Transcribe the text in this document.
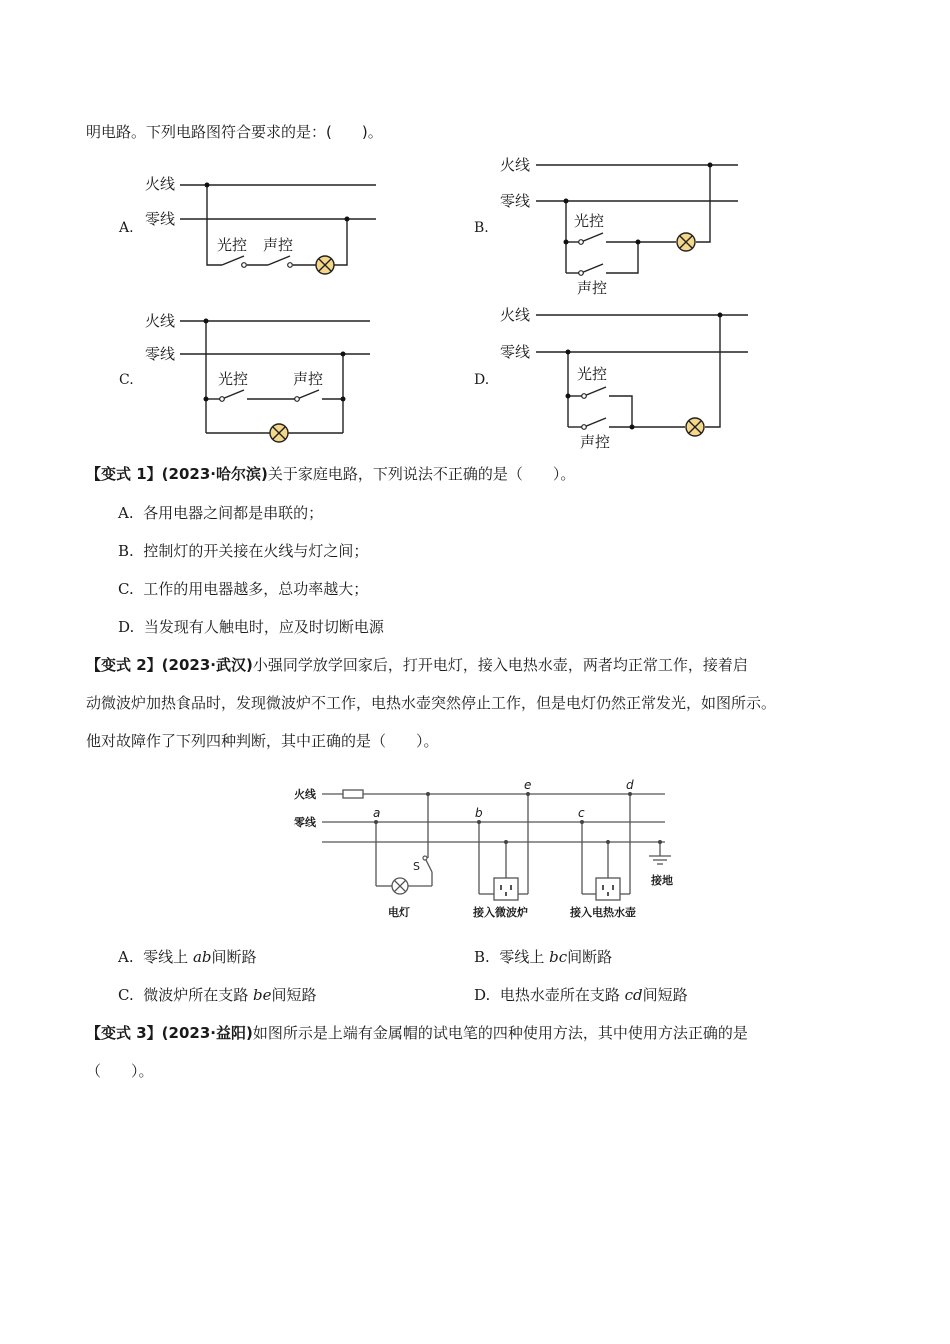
明电路。下列电路图符合要求的是：(　　)。
A.
火线
零线
光控 声控
B.
火线
零线
光控
声控
C.
火线
零线
光控	声控	D.
火线
零线
光控
声控
【变式 1】(2023·哈尔滨)关于家庭电路，下列说法不正确的是（　　）。
A. 各用电器之间都是串联的；
B. 控制灯的开关接在火线与灯之间；
C. 工作的用电器越多，总功率越大；
D. 当发现有人触电时，应及时切断电源
【变式 2】(2023·武汉)小强同学放学回家后，打开电灯，接入电热水壶，两者均正常工作，接着启
动微波炉加热食品时，发现微波炉不工作，电热水壶突然停止工作，但是电灯仍然正常发光，如图所示。
他对故障作了下列四种判断，其中正确的是（　　）。
火线
零线
接地
电灯	接入微波炉	接入电热水壶
S
a	b	c
d
e
A. 零线上 ab间断路	B. 零线上 bc间断路
C. 微波炉所在支路 be间短路	D. 电热水壶所在支路 cd间短路
【变式 3】(2023·益阳)如图所示是上端有金属帽的试电笔的四种使用方法，其中使用方法正确的是
（　　）。
